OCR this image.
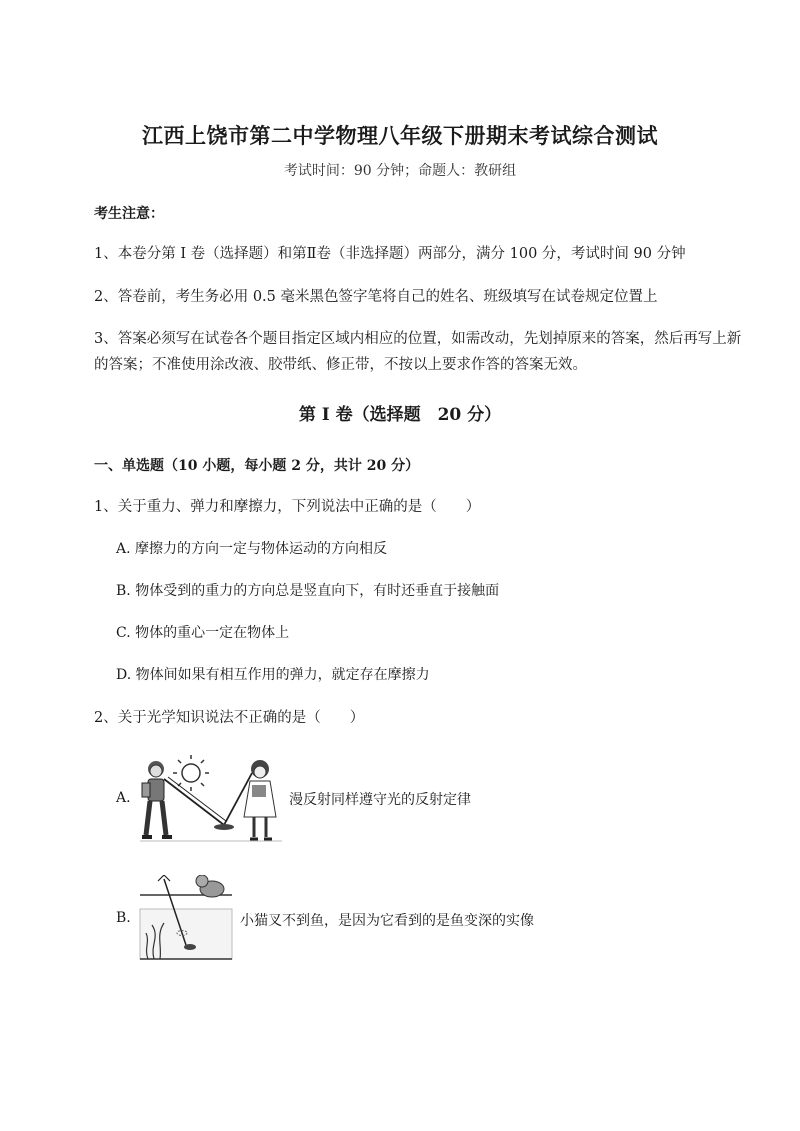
江西上饶市第二中学物理八年级下册期末考试综合测试
考试时间：90 分钟；命题人：教研组
考生注意：
1、本卷分第 I 卷（选择题）和第Ⅱ卷（非选择题）两部分，满分 100 分，考试时间 90 分钟
2、答卷前，考生务必用 0.5 毫米黑色签字笔将自己的姓名、班级填写在试卷规定位置上
3、答案必须写在试卷各个题目指定区域内相应的位置，如需改动，先划掉原来的答案，然后再写上新的答案；不准使用涂改液、胶带纸、修正带，不按以上要求作答的答案无效。
第 I 卷（选择题　20 分）
一、单选题（10 小题，每小题 2 分，共计 20 分）
1、关于重力、弹力和摩擦力，下列说法中正确的是（　　）
A. 摩擦力的方向一定与物体运动的方向相反
B. 物体受到的重力的方向总是竖直向下，有时还垂直于接触面
C. 物体的重心一定在物体上
D. 物体间如果有相互作用的弹力，就定存在摩擦力
2、关于光学知识说法不正确的是（　　）
A.	漫反射同样遵守光的反射定律
B.	小猫叉不到鱼，是因为它看到的是鱼变深的实像
